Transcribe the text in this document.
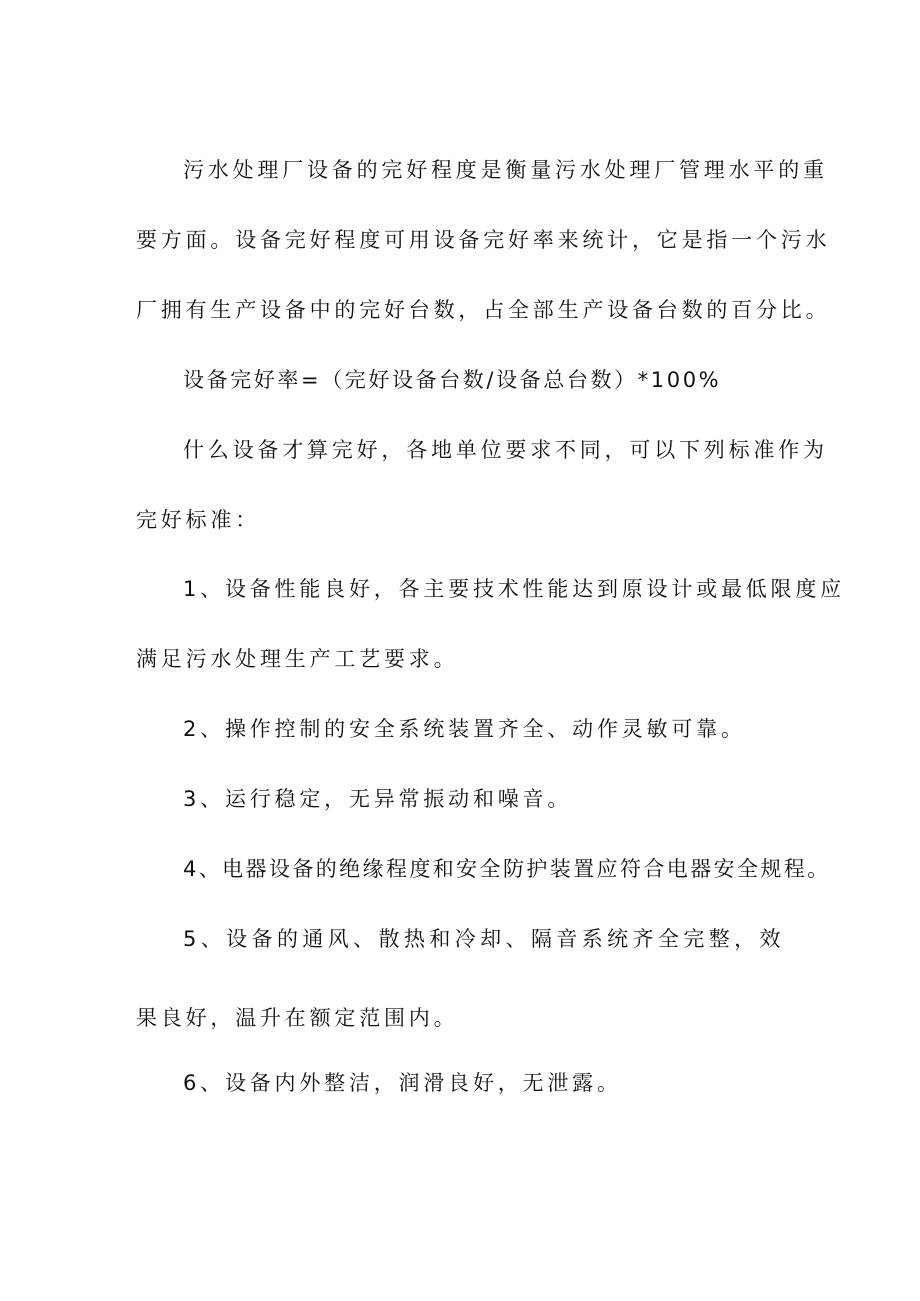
污水处理厂设备的完好程度是衡量污水处理厂管理水平的重

要方面。设备完好程度可用设备完好率来统计，它是指一个污水

厂拥有生产设备中的完好台数，占全部生产设备台数的百分比。

设备完好率=（完好设备台数/设备总台数）*100%

什么设备才算完好，各地单位要求不同，可以下列标准作为

完好标准：

1、设备性能良好，各主要技术性能达到原设计或最低限度应

满足污水处理生产工艺要求。

2、操作控制的安全系统装置齐全、动作灵敏可靠。

3、运行稳定，无异常振动和噪音。

4、电器设备的绝缘程度和安全防护装置应符合电器安全规程。

5、设备的通风、散热和冷却、隔音系统齐全完整，效

果良好，温升在额定范围内。

6、设备内外整洁，润滑良好，无泄露。
